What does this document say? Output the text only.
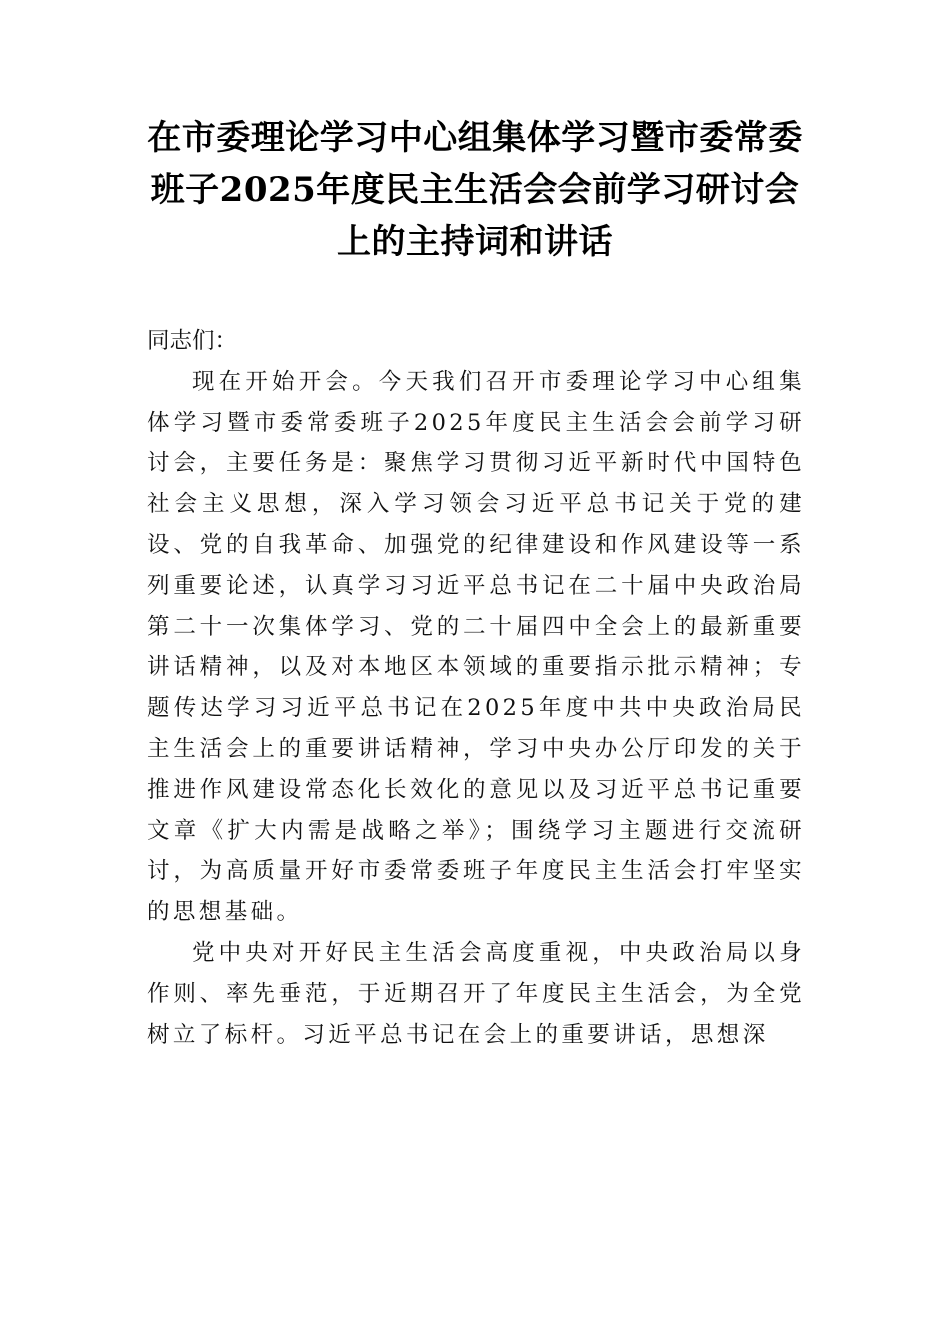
在市委理论学习中心组集体学习暨市委常委班子2025年度民主生活会会前学习研讨会上的主持词和讲话

同志们：

现在开始开会。今天我们召开市委理论学习中心组集体学习暨市委常委班子2025年度民主生活会会前学习研讨会，主要任务是：聚焦学习贯彻习近平新时代中国特色社会主义思想，深入学习领会习近平总书记关于党的建设、党的自我革命、加强党的纪律建设和作风建设等一系列重要论述，认真学习习近平总书记在二十届中央政治局第二十一次集体学习、党的二十届四中全会上的最新重要讲话精神，以及对本地区本领域的重要指示批示精神；专题传达学习习近平总书记在2025年度中共中央政治局民主生活会上的重要讲话精神，学习中央办公厅印发的关于推进作风建设常态化长效化的意见以及习近平总书记重要文章《扩大内需是战略之举》；围绕学习主题进行交流研讨，为高质量开好市委常委班子年度民主生活会打牢坚实的思想基础。

党中央对开好民主生活会高度重视，中央政治局以身作则、率先垂范，于近期召开了年度民主生活会，为全党树立了标杆。习近平总书记在会上的重要讲话，思想深
